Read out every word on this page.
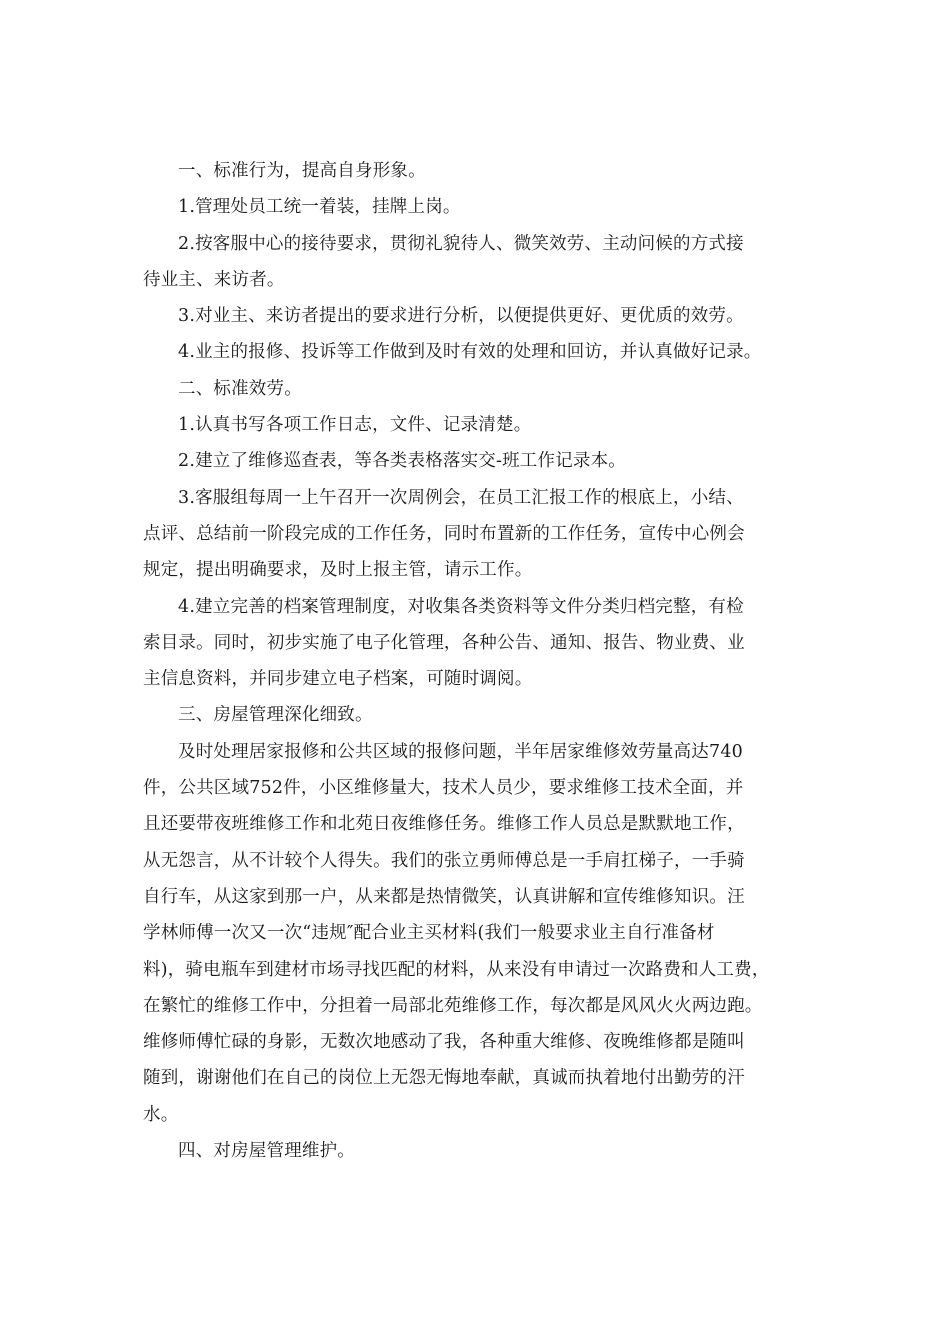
一、标准行为，提高自身形象。

1.管理处员工统一着装，挂牌上岗。

2.按客服中心的接待要求，贯彻礼貌待人、微笑效劳、主动问候的方式接
待业主、来访者。

3.对业主、来访者提出的要求进行分析，以便提供更好、更优质的效劳。

4.业主的报修、投诉等工作做到及时有效的处理和回访，并认真做好记录。

二、标准效劳。

1.认真书写各项工作日志，文件、记录清楚。

2.建立了维修巡查表，等各类表格落实交-班工作记录本。

3.客服组每周一上午召开一次周例会，在员工汇报工作的根底上，小结、
点评、总结前一阶段完成的工作任务，同时布置新的工作任务，宣传中心例会
规定，提出明确要求，及时上报主管，请示工作。

4.建立完善的档案管理制度，对收集各类资料等文件分类归档完整，有检
索目录。同时，初步实施了电子化管理，各种公告、通知、报告、物业费、业
主信息资料，并同步建立电子档案，可随时调阅。

三、房屋管理深化细致。

及时处理居家报修和公共区域的报修问题，半年居家维修效劳量高达740
件，公共区域752件，小区维修量大，技术人员少，要求维修工技术全面，并
且还要带夜班维修工作和北苑日夜维修任务。维修工作人员总是默默地工作，
从无怨言，从不计较个人得失。我们的张立勇师傅总是一手肩扛梯子，一手骑
自行车，从这家到那一户，从来都是热情微笑，认真讲解和宣传维修知识。汪
学林师傅一次又一次“违规″配合业主买材料(我们一般要求业主自行准备材
料)，骑电瓶车到建材市场寻找匹配的材料，从来没有申请过一次路费和人工费，
在繁忙的维修工作中，分担着一局部北苑维修工作，每次都是风风火火两边跑。
维修师傅忙碌的身影，无数次地感动了我，各种重大维修、夜晚维修都是随叫
随到，谢谢他们在自己的岗位上无怨无悔地奉献，真诚而执着地付出勤劳的汗
水。

四、对房屋管理维护。
